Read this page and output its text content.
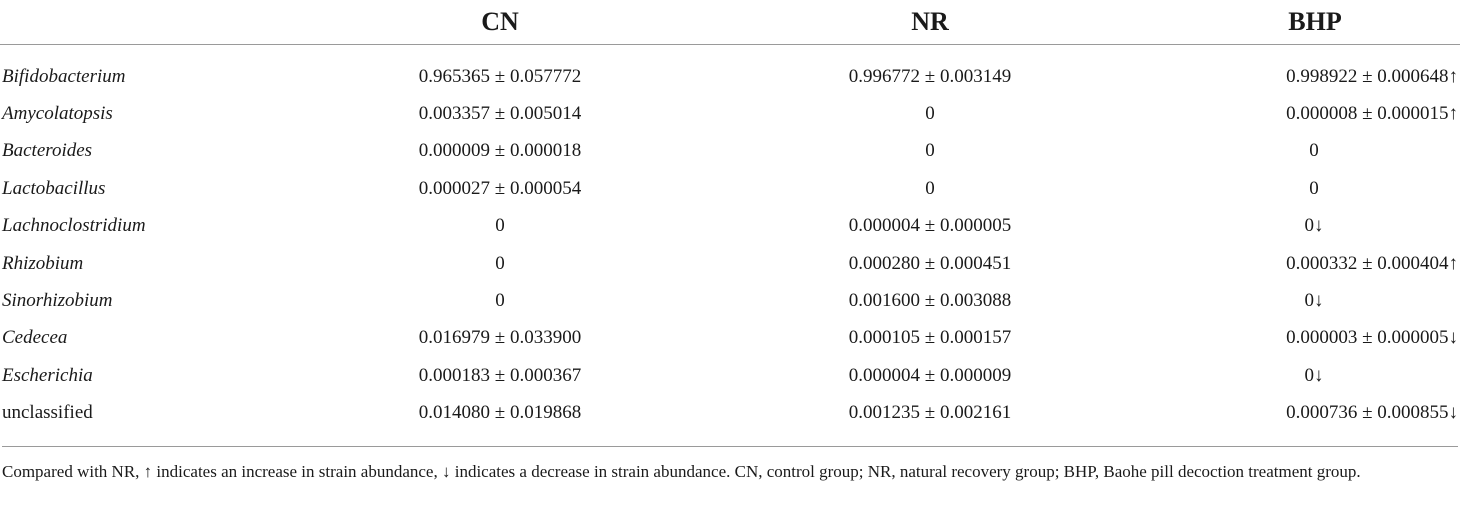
	CN	NR	BHP
Bifidobacterium	0.965365 ± 0.057772	0.996772 ± 0.003149	0.998922 ± 0.000648↑
Amycolatopsis	0.003357 ± 0.005014	0	0.000008 ± 0.000015↑
Bacteroides	0.000009 ± 0.000018	0	0
Lactobacillus	0.000027 ± 0.000054	0	0
Lachnoclostridium	0	0.000004 ± 0.000005	0↓
Rhizobium	0	0.000280 ± 0.000451	0.000332 ± 0.000404↑
Sinorhizobium	0	0.001600 ± 0.003088	0↓
Cedecea	0.016979 ± 0.033900	0.000105 ± 0.000157	0.000003 ± 0.000005↓
Escherichia	0.000183 ± 0.000367	0.000004 ± 0.000009	0↓
unclassified	0.014080 ± 0.019868	0.001235 ± 0.002161	0.000736 ± 0.000855↓
Compared with NR, ↑ indicates an increase in strain abundance, ↓ indicates a decrease in strain abundance. CN, control group; NR, natural recovery group; BHP, Baohe pill decoction treatment group.
